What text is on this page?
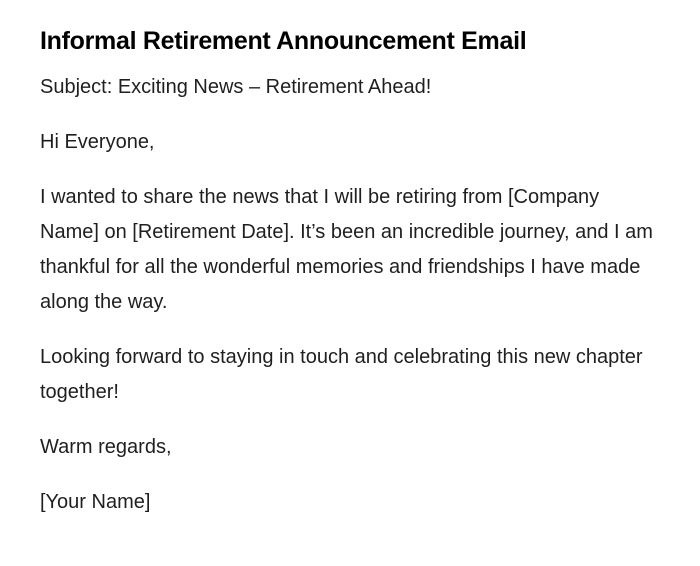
Informal Retirement Announcement Email

Subject: Exciting News – Retirement Ahead!

Hi Everyone,

I wanted to share the news that I will be retiring from [Company Name] on [Retirement Date]. It’s been an incredible journey, and I am thankful for all the wonderful memories and friendships I have made along the way.

Looking forward to staying in touch and celebrating this new chapter together!

Warm regards,

[Your Name]
